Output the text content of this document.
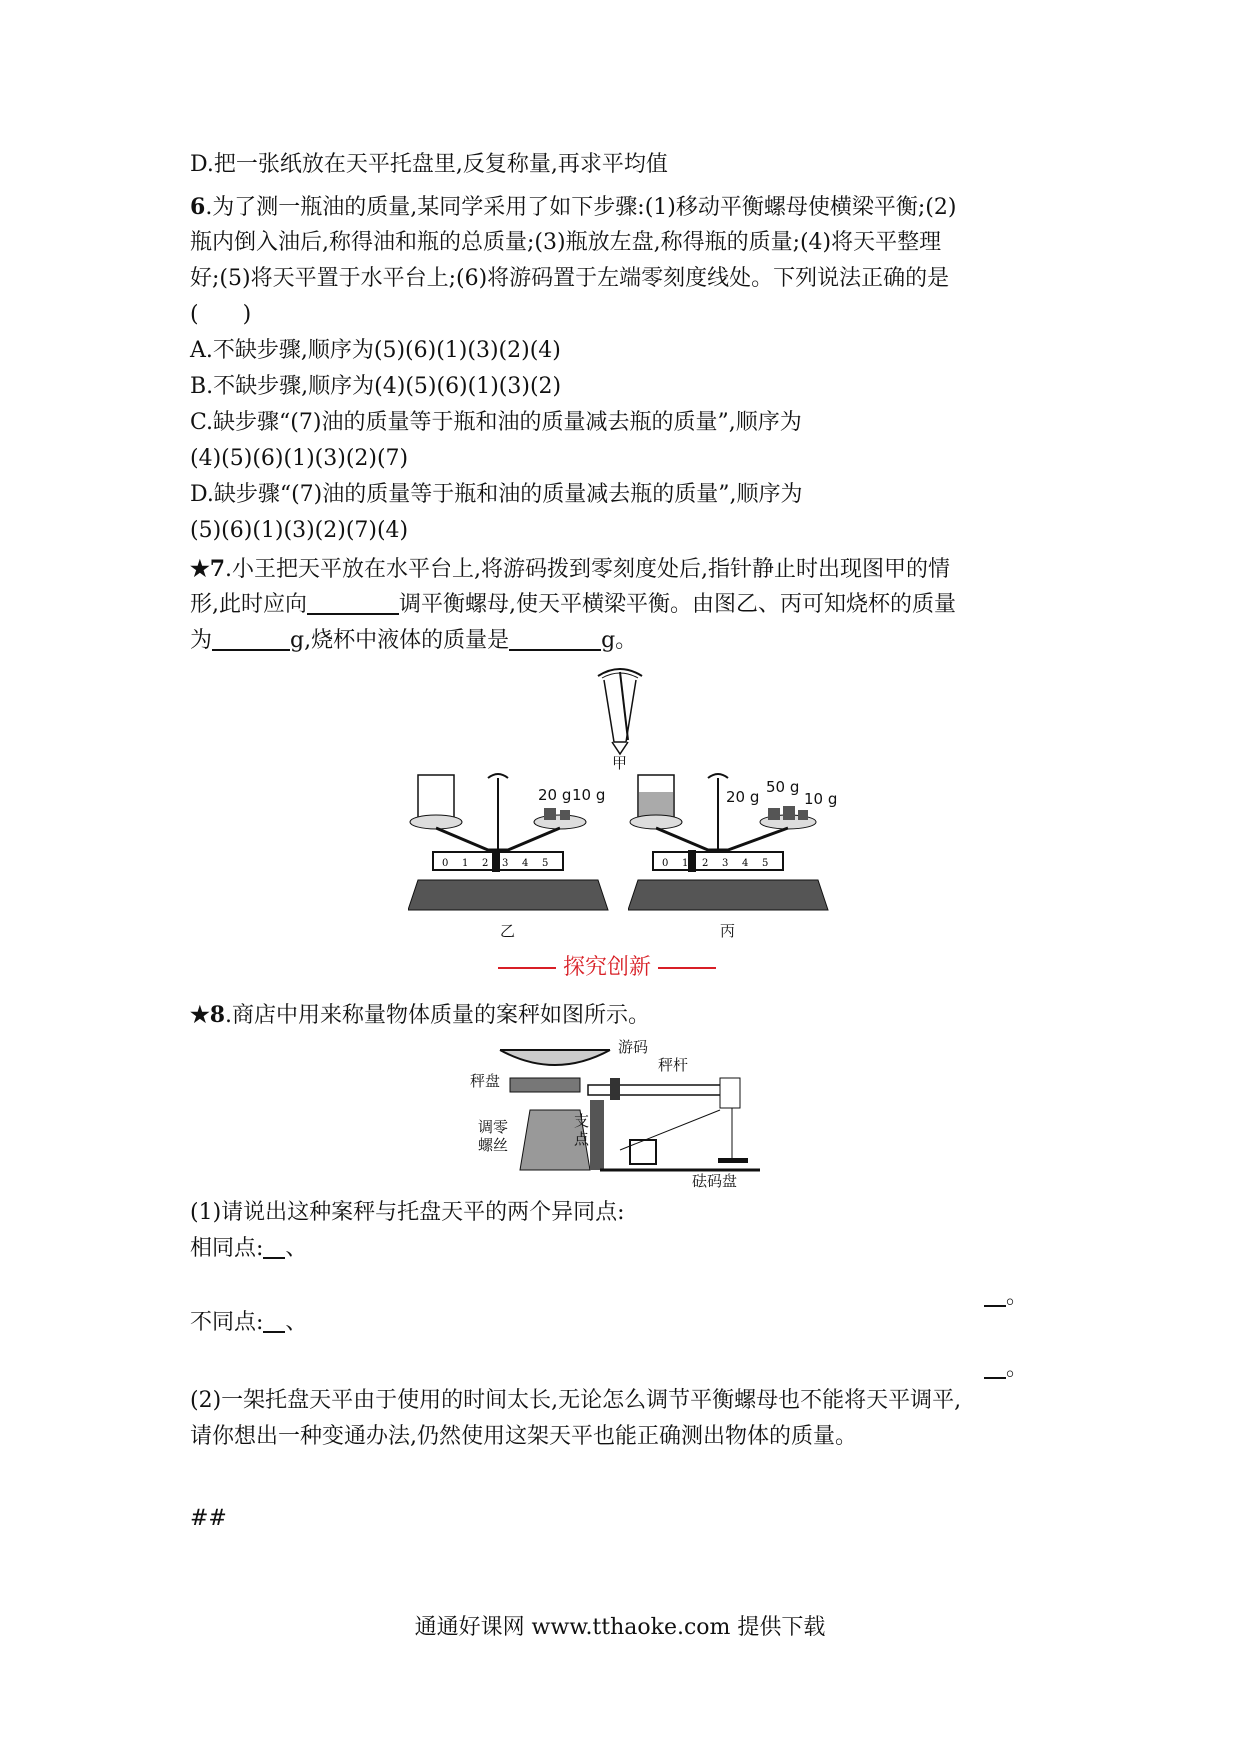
D.把一张纸放在天平托盘里,反复称量,再求平均值
6.为了测一瓶油的质量,某同学采用了如下步骤:(1)移动平衡螺母使横梁平衡;(2)
瓶内倒入油后,称得油和瓶的总质量;(3)瓶放左盘,称得瓶的质量;(4)将天平整理
好;(5)将天平置于水平台上;(6)将游码置于左端零刻度线处。下列说法正确的是
(　　)
A.不缺步骤,顺序为(5)(6)(1)(3)(2)(4)
B.不缺步骤,顺序为(4)(5)(6)(1)(3)(2)
C.缺步骤“(7)油的质量等于瓶和油的质量减去瓶的质量”,顺序为
(4)(5)(6)(1)(3)(2)(7)
D.缺步骤“(7)油的质量等于瓶和油的质量减去瓶的质量”,顺序为
(5)(6)(1)(3)(2)(7)(4)
★7.小王把天平放在水平台上,将游码拨到零刻度处后,指针静止时出现图甲的情
形,此时应向	调平衡螺母,使天平横梁平衡。由图乙、丙可知烧杯的质量
为	g,烧杯中液体的质量是	g。
甲
20 g 10 g
0 1 2 3 4 5
乙
20 g
50 g
10 g
0 1 2 3 4 5
丙
探究创新
★8.商店中用来称量物体质量的案秤如图所示。
游码
秤杆
秤盘
调零
螺丝
支
点
砝码盘
(1)请说出这种案秤与托盘天平的两个异同点:
相同点: 、
。
不同点: 、
。
(2)一架托盘天平由于使用的时间太长,无论怎么调节平衡螺母也不能将天平调平,
请你想出一种变通办法,仍然使用这架天平也能正确测出物体的质量。
##
通通好课网 www.tthaoke.com 提供下载
